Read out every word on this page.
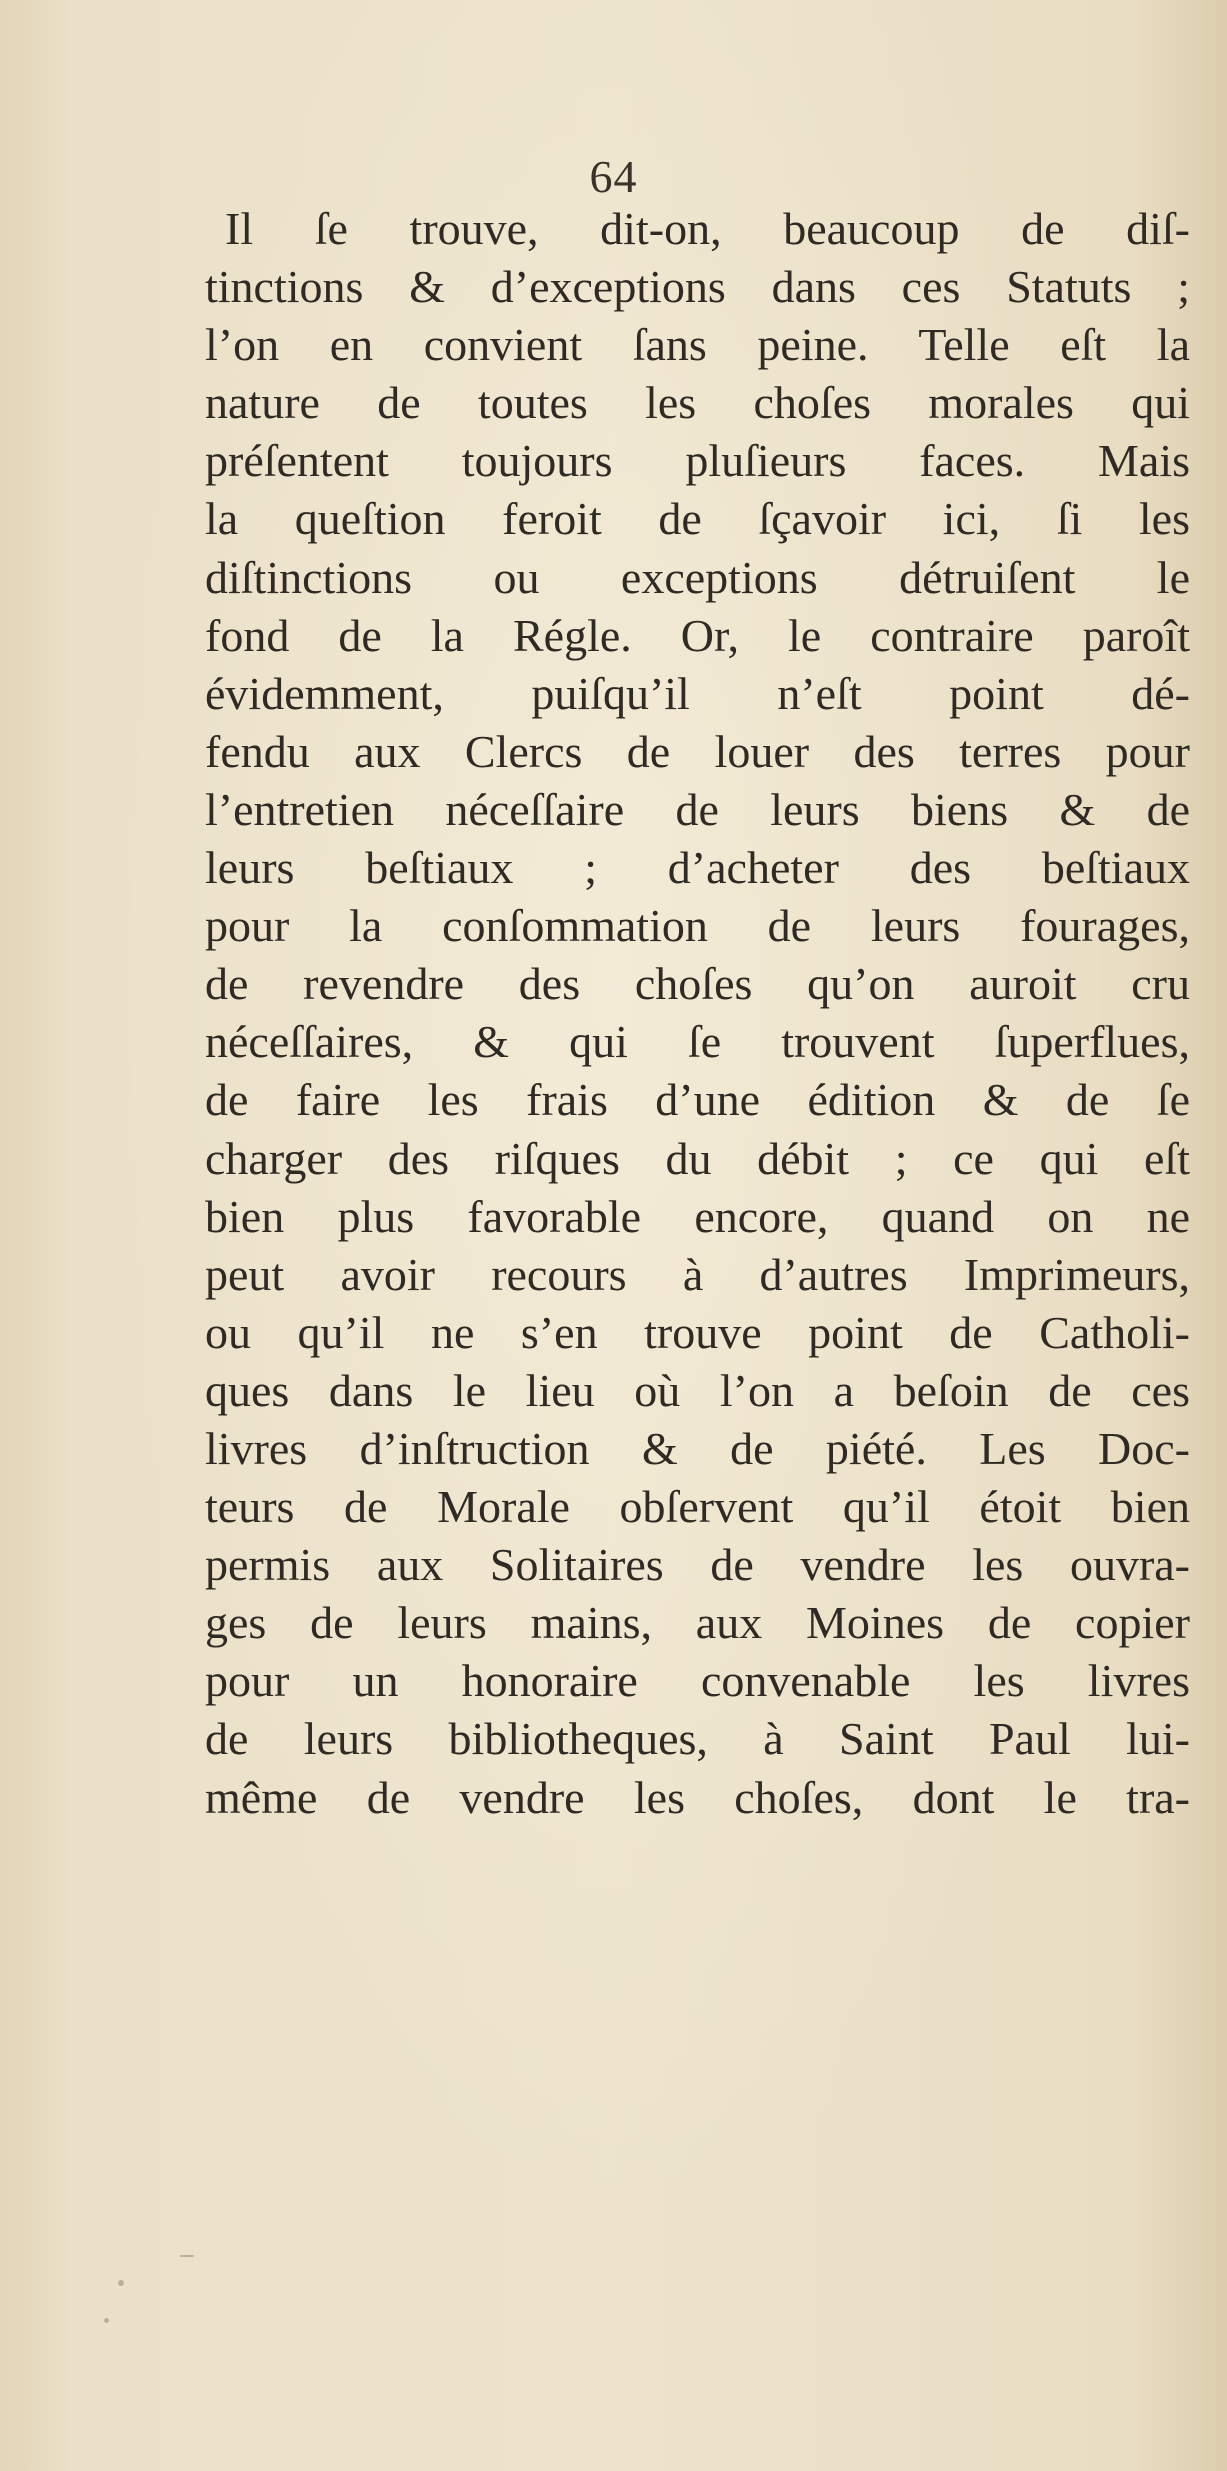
64
Il ſe trouve, dit-on, beaucoup de diſ-
tinctions & d’exceptions dans ces Statuts ;
l’on en convient ſans peine. Telle eſt la
nature de toutes les choſes morales qui
préſentent toujours pluſieurs faces. Mais
la queſtion feroit de ſçavoir ici, ſi les
diſtinctions ou exceptions détruiſent le
fond de la Régle. Or, le contraire paroît
évidemment, puiſqu’il n’eſt point dé-
fendu aux Clercs de louer des terres pour
l’entretien néceſſaire de leurs biens & de
leurs beſtiaux ; d’acheter des beſtiaux
pour la conſommation de leurs fourages,
de revendre des choſes qu’on auroit cru
néceſſaires, & qui ſe trouvent ſuperflues,
de faire les frais d’une édition & de ſe
charger des riſques du débit ; ce qui eſt
bien plus favorable encore, quand on ne
peut avoir recours à d’autres Imprimeurs,
ou qu’il ne s’en trouve point de Catholi-
ques dans le lieu où l’on a beſoin de ces
livres d’inſtruction & de piété. Les Doc-
teurs de Morale obſervent qu’il étoit bien
permis aux Solitaires de vendre les ouvra-
ges de leurs mains, aux Moines de copier
pour un honoraire convenable les livres
de leurs bibliotheques, à Saint Paul lui-
même de vendre les choſes, dont le tra-
